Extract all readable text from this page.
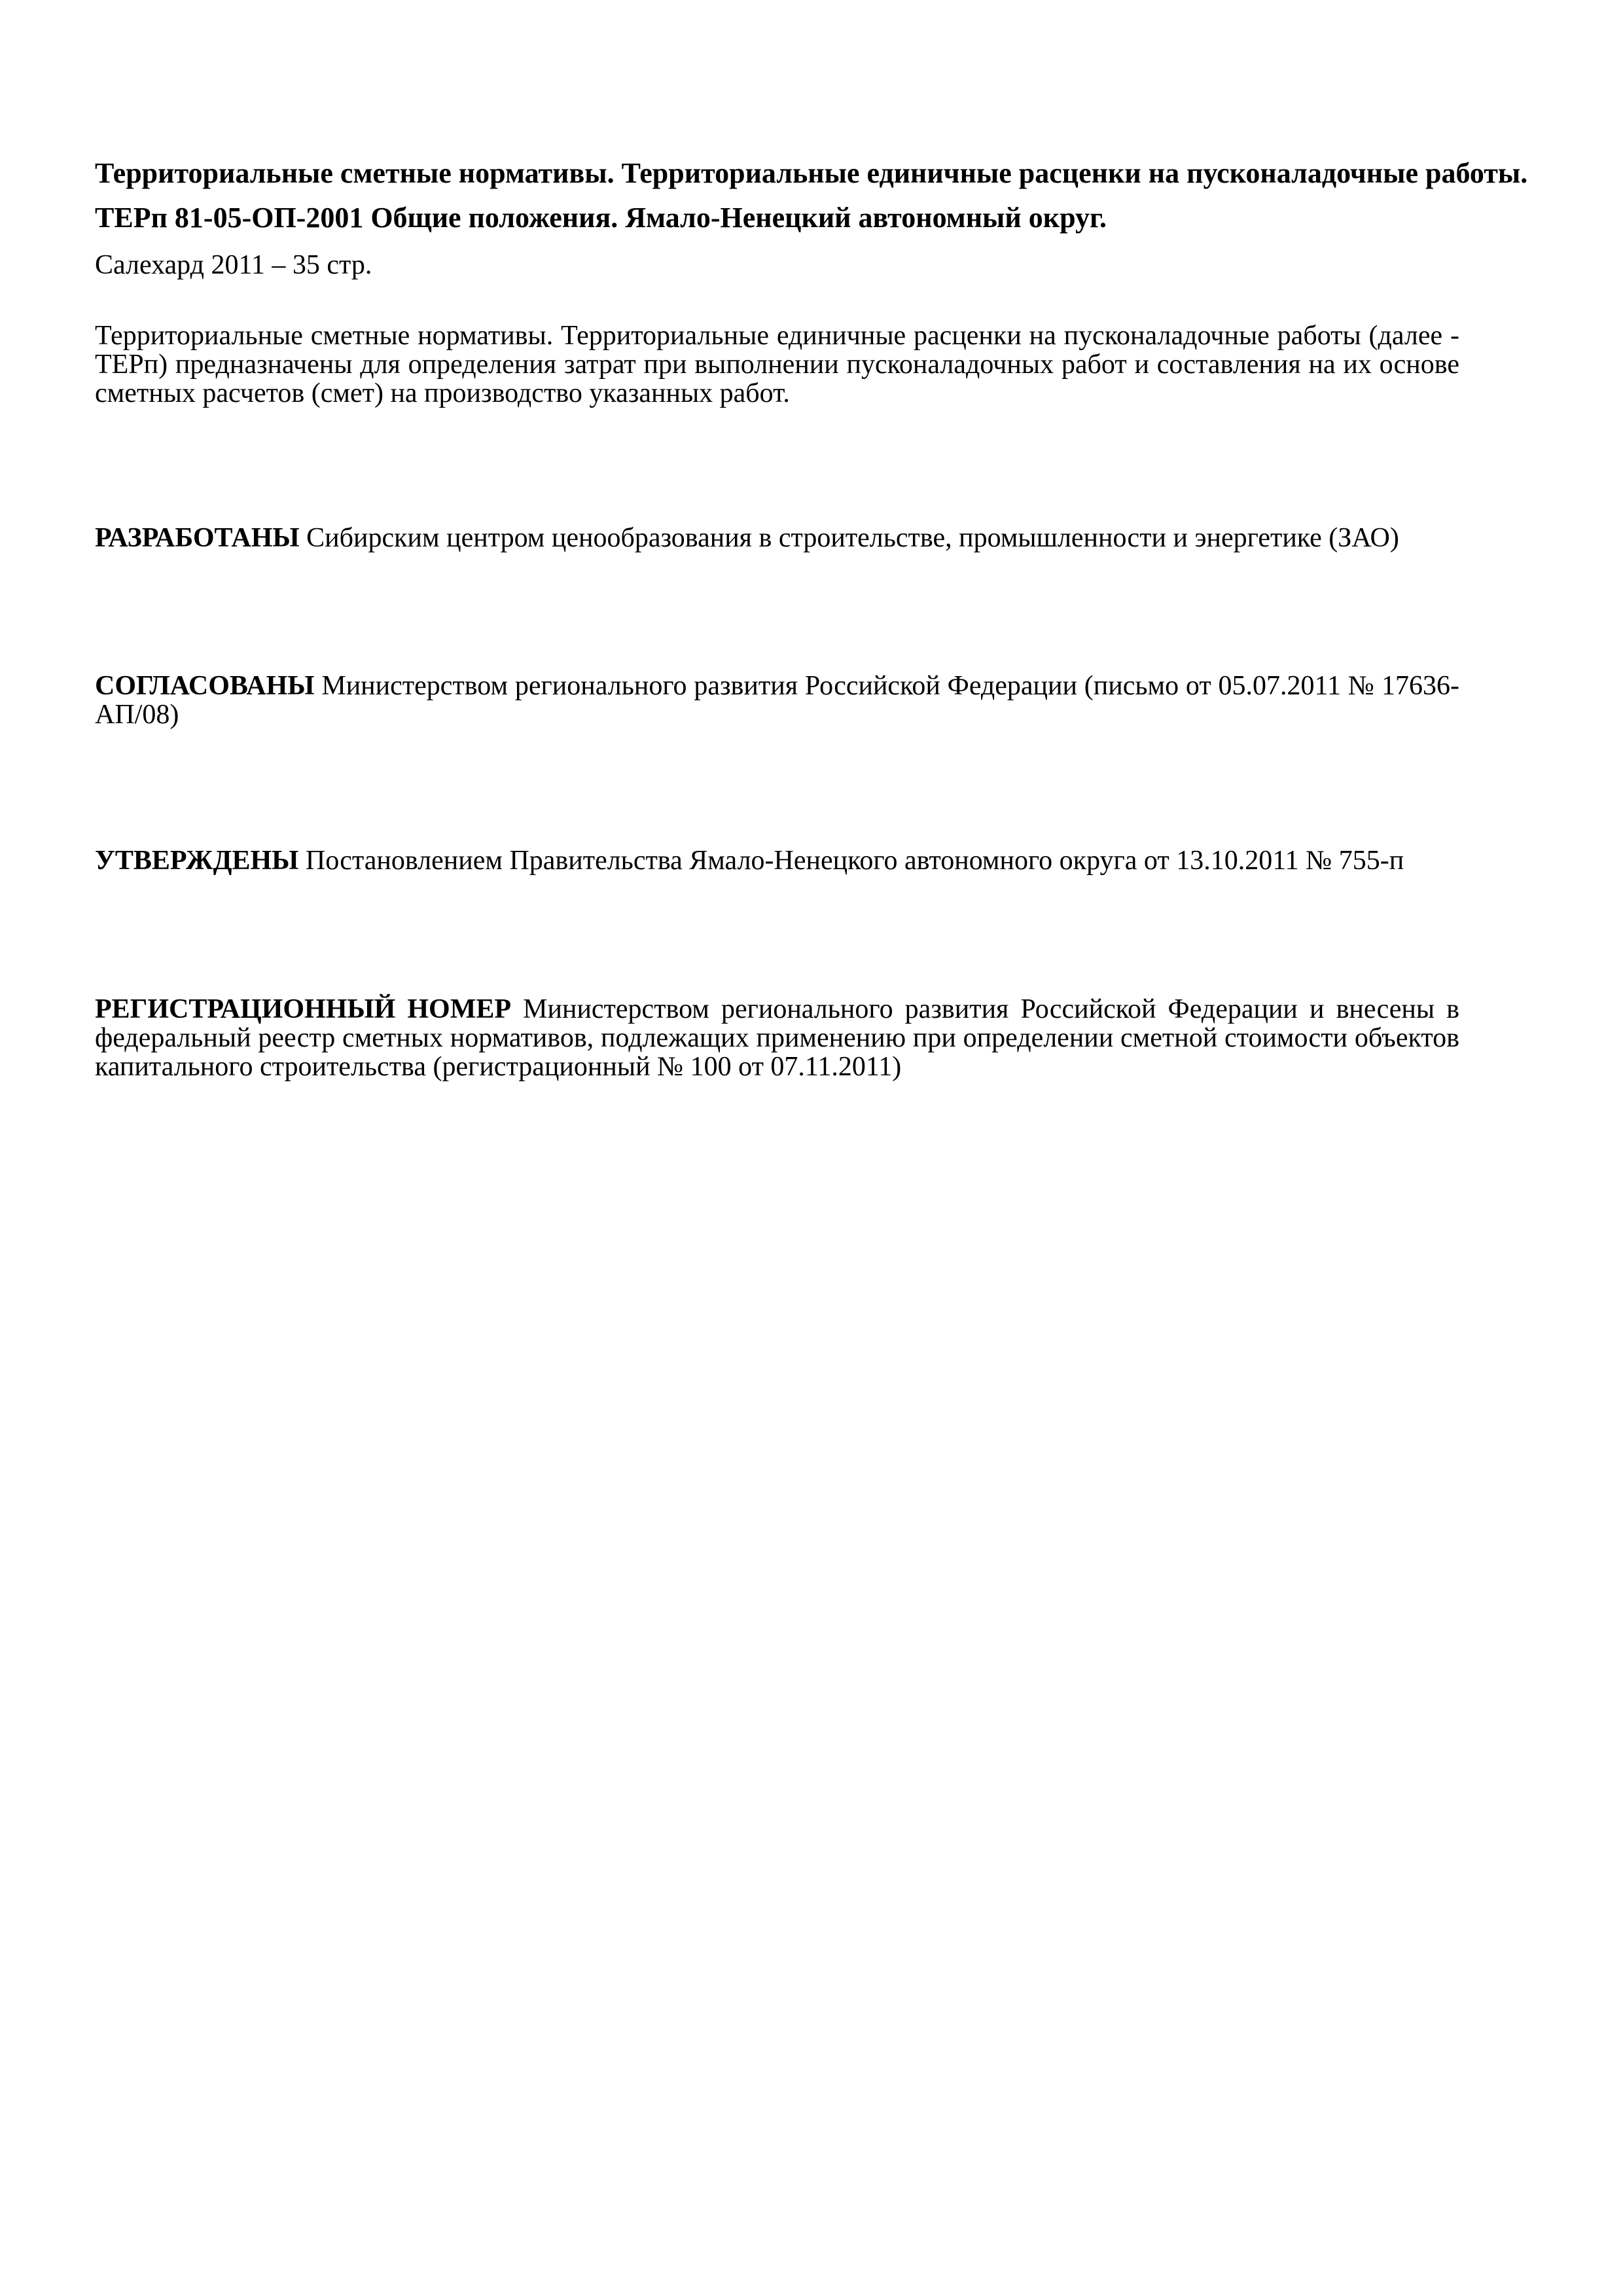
Территориальные сметные нормативы. Территориальные единичные расценки на пусконаладочные работы.
ТЕРп 81-05-ОП-2001 Общие положения. Ямало-Ненецкий автономный округ.
Салехард 2011 – 35 стр.
Территориальные сметные нормативы. Территориальные единичные расценки на пусконаладочные работы (далее - ТЕРп) предназначены для определения затрат при выполнении пусконаладочных работ и составления на их основе сметных расчетов (смет) на производство указанных работ.
РАЗРАБОТАНЫ Сибирским центром ценообразования в строительстве, промышленности и энергетике (ЗАО)
СОГЛАСОВАНЫ Министерством регионального развития Российской Федерации (письмо от 05.07.2011 № 17636-АП/08)
УТВЕРЖДЕНЫ Постановлением Правительства Ямало-Ненецкого автономного округа от 13.10.2011 № 755-п
РЕГИСТРАЦИОННЫЙ НОМЕР Министерством регионального развития Российской Федерации и внесены в федеральный реестр сметных нормативов, подлежащих применению при определении сметной стоимости объектов капитального строительства (регистрационный № 100 от 07.11.2011)
